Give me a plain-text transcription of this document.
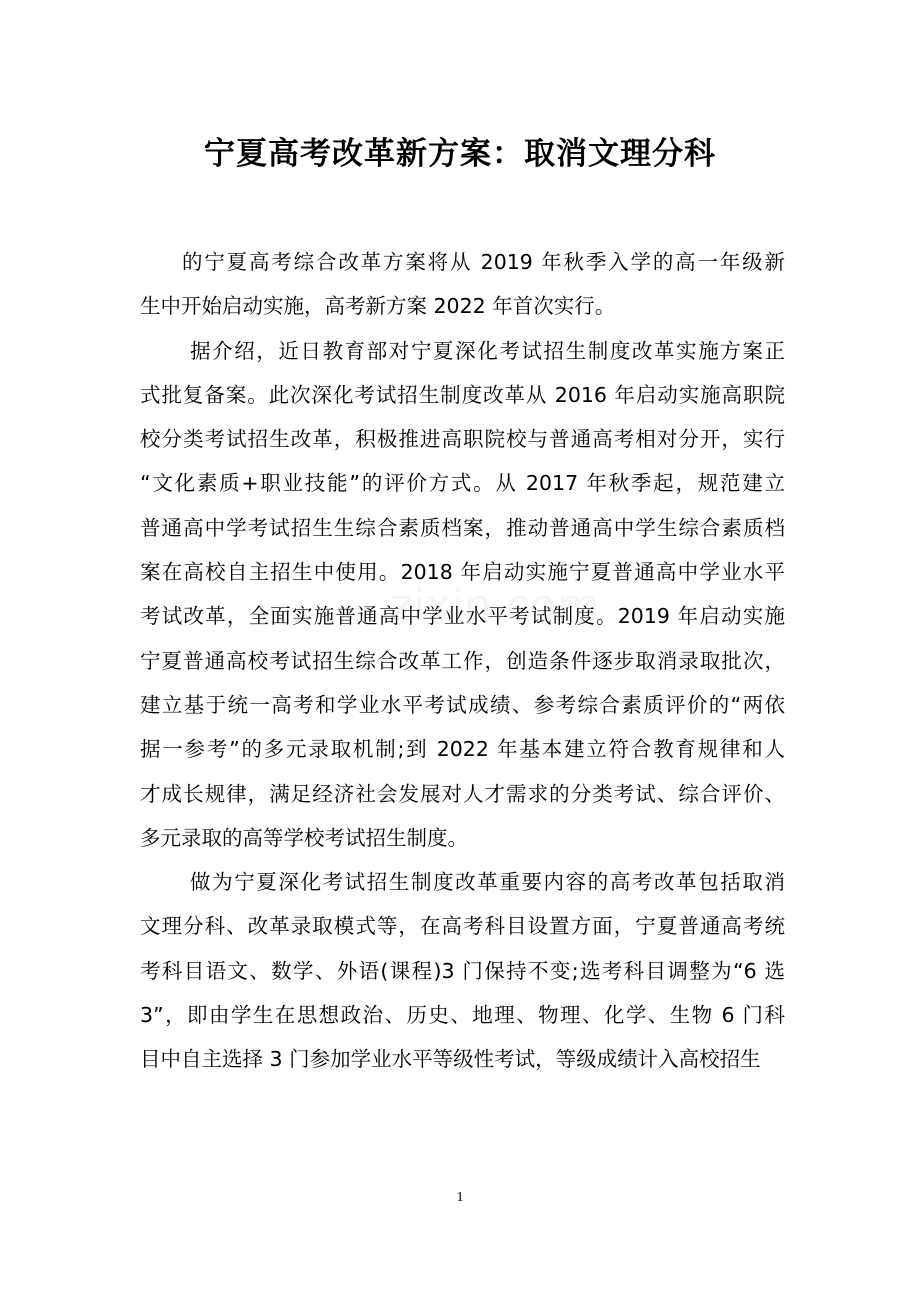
宁夏高考改革新方案：取消文理分科
的宁夏高考综合改革方案将从 2019 年秋季入学的高一年级新
生中开始启动实施，高考新方案 2022 年首次实行。
据介绍，近日教育部对宁夏深化考试招生制度改革实施方案正
式批复备案。此次深化考试招生制度改革从 2016 年启动实施高职院
校分类考试招生改革，积极推进高职院校与普通高考相对分开，实行
“文化素质+职业技能”的评价方式。从 2017 年秋季起，规范建立
普通高中学考试招生生综合素质档案，推动普通高中学生综合素质档
案在高校自主招生中使用。2018 年启动实施宁夏普通高中学业水平
考试改革，全面实施普通高中学业水平考试制度。2019 年启动实施
宁夏普通高校考试招生综合改革工作，创造条件逐步取消录取批次，
建立基于统一高考和学业水平考试成绩、参考综合素质评价的“两依
据一参考”的多元录取机制;到 2022 年基本建立符合教育规律和人
才成长规律，满足经济社会发展对人才需求的分类考试、综合评价、
多元录取的高等学校考试招生制度。
做为宁夏深化考试招生制度改革重要内容的高考改革包括取消
文理分科、改革录取模式等，在高考科目设置方面，宁夏普通高考统
考科目语文、数学、外语(课程)3 门保持不变;选考科目调整为“6 选
3”，即由学生在思想政治、历史、地理、物理、化学、生物 6 门科
目中自主选择 3 门参加学业水平等级性考试，等级成绩计入高校招生
1
